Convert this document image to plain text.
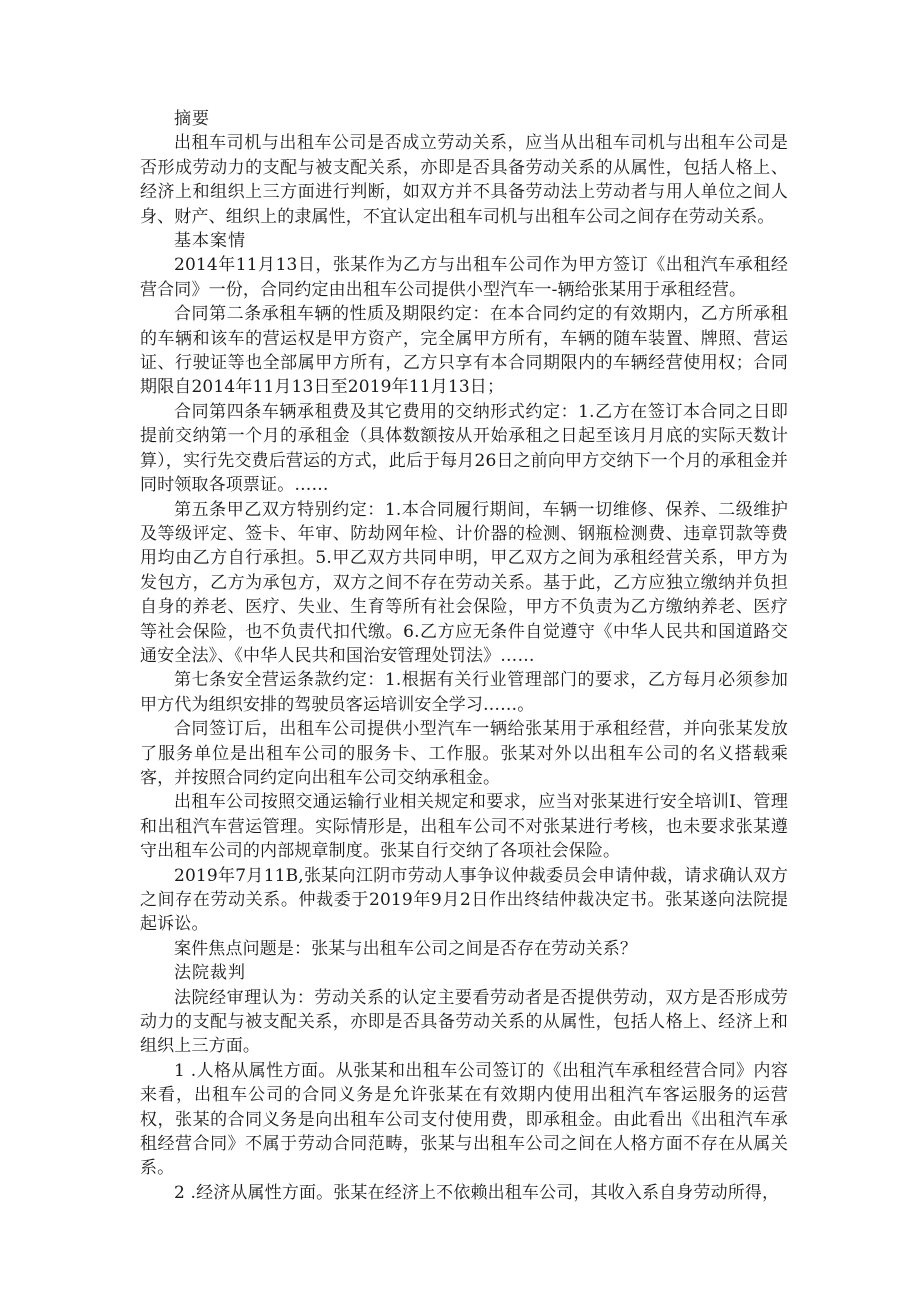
摘要

出租车司机与出租车公司是否成立劳动关系，应当从出租车司机与出租车公司是否形成劳动力的支配与被支配关系，亦即是否具备劳动关系的从属性，包括人格上、经济上和组织上三方面进行判断，如双方并不具备劳动法上劳动者与用人单位之间人身、财产、组织上的隶属性，不宜认定出租车司机与出租车公司之间存在劳动关系。

基本案情

2014年11月13日，张某作为乙方与出租车公司作为甲方签订《出租汽车承租经营合同》一份，合同约定由出租车公司提供小型汽车一-辆给张某用于承租经营。

合同第二条承租车辆的性质及期限约定：在本合同约定的有效期内，乙方所承租的车辆和该车的营运权是甲方资产，完全属甲方所有，车辆的随车装置、牌照、营运证、行驶证等也全部属甲方所有，乙方只享有本合同期限内的车辆经营使用权；合同期限自2014年11月13日至2019年11月13日；

合同第四条车辆承租费及其它费用的交纳形式约定：1.乙方在签订本合同之日即提前交纳第一个月的承租金（具体数额按从开始承租之日起至该月月底的实际天数计算），实行先交费后营运的方式，此后于每月26日之前向甲方交纳下一个月的承租金并同时领取各项票证。……

第五条甲乙双方特别约定：1.本合同履行期间，车辆一切维修、保养、二级维护及等级评定、签卡、年审、防劫网年检、计价器的检测、钢瓶检测费、违章罚款等费用均由乙方自行承担。5.甲乙双方共同申明，甲乙双方之间为承租经营关系，甲方为发包方，乙方为承包方，双方之间不存在劳动关系。基于此，乙方应独立缴纳并负担自身的养老、医疗、失业、生育等所有社会保险，甲方不负责为乙方缴纳养老、医疗等社会保险，也不负责代扣代缴。6.乙方应无条件自觉遵守《中华人民共和国道路交通安全法》、《中华人民共和国治安管理处罚法》……

第七条安全营运条款约定：1.根据有关行业管理部门的要求，乙方每月必须参加甲方代为组织安排的驾驶员客运培训安全学习……。

合同签订后，出租车公司提供小型汽车一辆给张某用于承租经营，并向张某发放了服务单位是出租车公司的服务卡、工作服。张某对外以出租车公司的名义搭载乘客，并按照合同约定向出租车公司交纳承租金。

出租车公司按照交通运输行业相关规定和要求，应当对张某进行安全培训I、管理和出租汽车营运管理。实际情形是，出租车公司不对张某进行考核，也未要求张某遵守出租车公司的内部规章制度。张某自行交纳了各项社会保险。

2019年7月11B,张某向江阴市劳动人事争议仲裁委员会申请仲裁，请求确认双方之间存在劳动关系。仲裁委于2019年9月2日作出终结仲裁决定书。张某遂向法院提起诉讼。

案件焦点问题是：张某与出租车公司之间是否存在劳动关系？

法院裁判

法院经审理认为：劳动关系的认定主要看劳动者是否提供劳动，双方是否形成劳动力的支配与被支配关系，亦即是否具备劳动关系的从属性，包括人格上、经济上和组织上三方面。

1 .人格从属性方面。从张某和出租车公司签订的《出租汽车承租经营合同》内容来看，出租车公司的合同义务是允许张某在有效期内使用出租汽车客运服务的运营权，张某的合同义务是向出租车公司支付使用费，即承租金。由此看出《出租汽车承租经营合同》不属于劳动合同范畴，张某与出租车公司之间在人格方面不存在从属关系。

2 .经济从属性方面。张某在经济上不依赖出租车公司，其收入系自身劳动所得，
